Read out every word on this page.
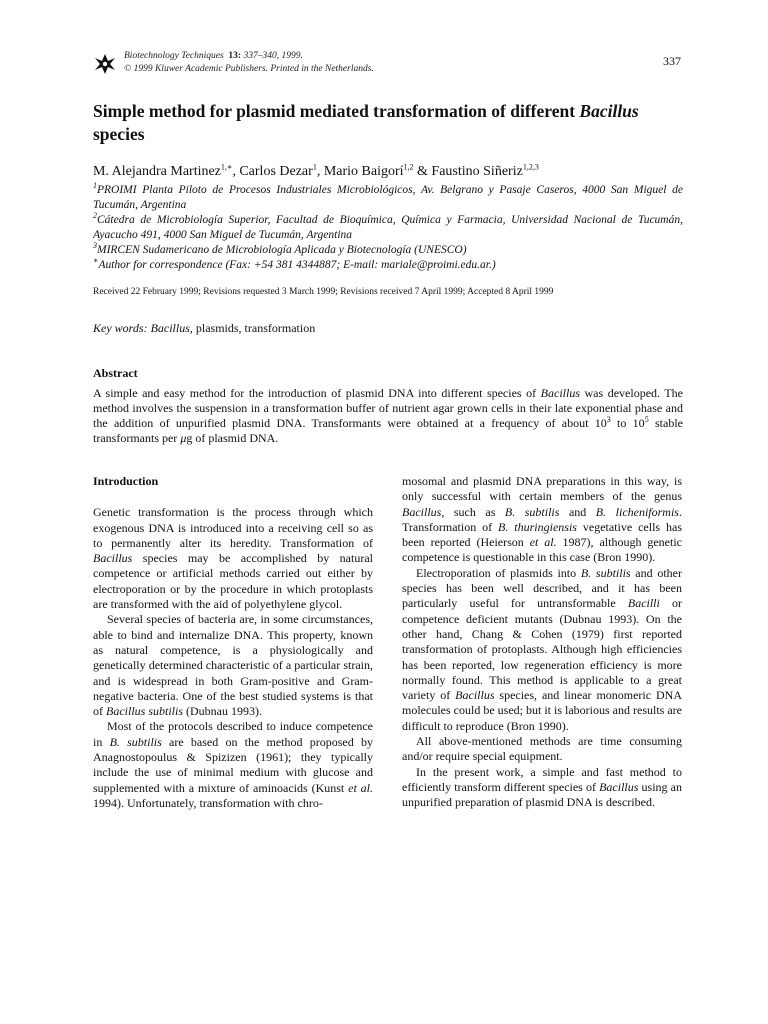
Biotechnology Techniques 13: 337–340, 1999.
© 1999 Kluwer Academic Publishers. Printed in the Netherlands.
337
Simple method for plasmid mediated transformation of different Bacillus
species
M. Alejandra Martinez$^{1,∗}$, Carlos Dezar$^1$, Mario Baigorí$^{1,2}$ & Faustino Siñeriz$^{1,2,3}$
$^1$PROIMI Planta Piloto de Procesos Industriales Microbiológicos, Av. Belgrano y Pasaje Caseros, 4000 San Miguel de Tucumán, Argentina
$^2$Cátedra de Microbiología Superior, Facultad de Bioquímica, Química y Farmacia, Universidad Nacional de Tucumán, Ayacucho 491, 4000 San Miguel de Tucumán, Argentina
$^3$MIRCEN Sudamericano de Microbiología Aplicada y Biotecnología (UNESCO)
∗Author for correspondence (Fax: +54 381 4344887; E-mail: mariale@proimi.edu.ar.)
Received 22 February 1999; Revisions requested 3 March 1999; Revisions received 7 April 1999; Accepted 8 April 1999
Key words: Bacillus, plasmids, transformation
Abstract
A simple and easy method for the introduction of plasmid DNA into different species of Bacillus was developed. The method involves the suspension in a transformation buffer of nutrient agar grown cells in their late exponential phase and the addition of unpurified plasmid DNA. Transformants were obtained at a frequency of about $10^3$ to $10^5$ stable transformants per μg of plasmid DNA.
Introduction

Genetic transformation is the process through which exogenous DNA is introduced into a receiving cell so as to permanently alter its heredity. Transformation of Bacillus species may be accomplished by natural competence or artificial methods carried out either by electroporation or by the procedure in which protoplasts are transformed with the aid of polyethylene glycol.

Several species of bacteria are, in some circumstances, able to bind and internalize DNA. This property, known as natural competence, is a physiologically and genetically determined characteristic of a particular strain, and is widespread in both Gram-positive and Gram-negative bacteria. One of the best studied systems is that of Bacillus subtilis (Dubnau 1993).

Most of the protocols described to induce competence in B. subtilis are based on the method proposed by Anagnostopoulus & Spizizen (1961); they typically include the use of minimal medium with glucose and supplemented with a mixture of aminoacids (Kunst et al. 1994). Unfortunately, transformation with chro-

mosomal and plasmid DNA preparations in this way, is only successful with certain members of the genus Bacillus, such as B. subtilis and B. licheniformis. Transformation of B. thuringiensis vegetative cells has been reported (Heierson et al. 1987), although genetic competence is questionable in this case (Bron 1990).

Electroporation of plasmids into B. subtilis and other species has been well described, and it has been particularly useful for untransformable Bacilli or competence deficient mutants (Dubnau 1993). On the other hand, Chang & Cohen (1979) first reported transformation of protoplasts. Although high efficiencies has been reported, low regeneration efficiency is more normally found. This method is applicable to a great variety of Bacillus species, and linear monomeric DNA molecules could be used; but it is laborious and results are difficult to reproduce (Bron 1990).

All above-mentioned methods are time consuming and/or require special equipment.

In the present work, a simple and fast method to efficiently transform different species of Bacillus using an unpurified preparation of plasmid DNA is described.
